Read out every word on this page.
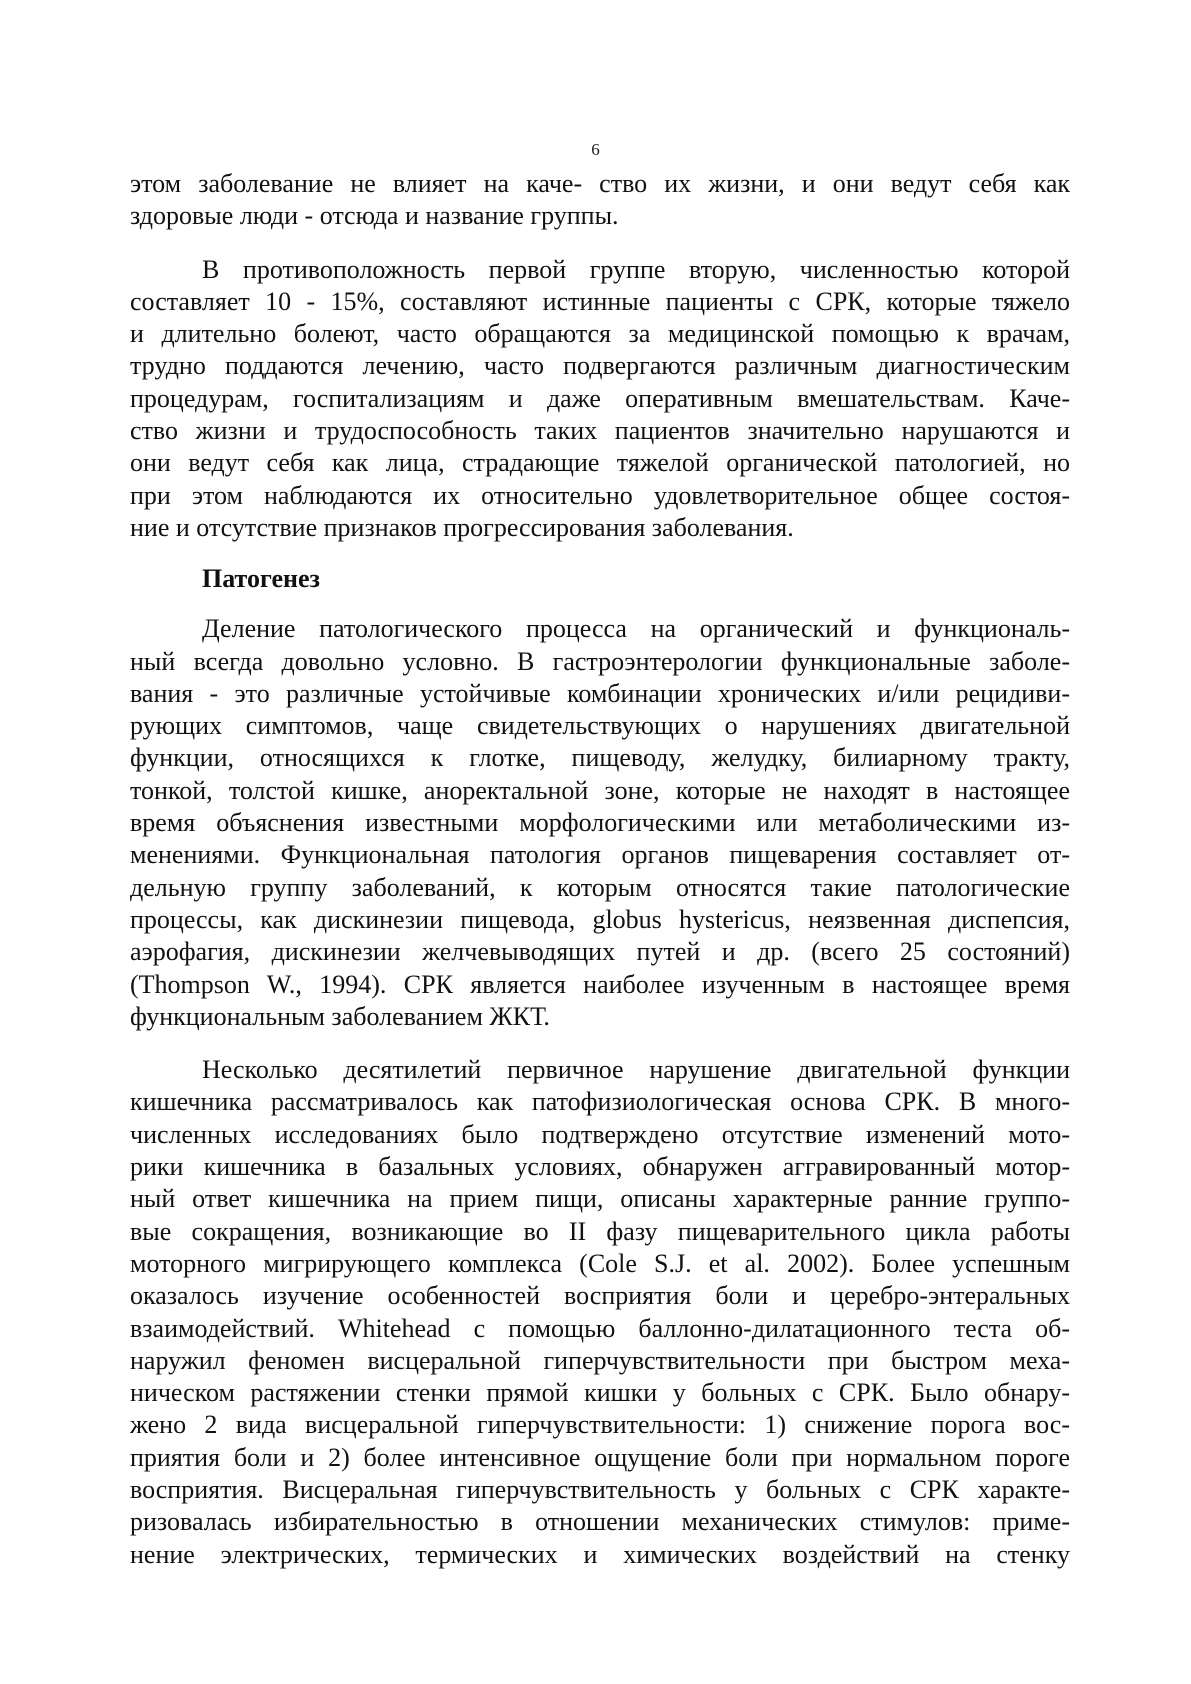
6
этом заболевание не влияет на каче- ство их жизни, и они ведут себя как
здоровые люди - отсюда и название группы.
В противоположность первой группе вторую, численностью которой
составляет 10 - 15%, составляют истинные пациенты с СРК, которые тяжело
и длительно болеют, часто обращаются за медицинской помощью к врачам,
трудно поддаются лечению, часто подвергаются различным диагностическим
процедурам, госпитализациям и даже оперативным вмешательствам. Каче-
ство жизни и трудоспособность таких пациентов значительно нарушаются и
они ведут себя как лица, страдающие тяжелой органической патологией, но
при этом наблюдаются их относительно удовлетворительное общее состоя-
ние и отсутствие признаков прогрессирования заболевания.
Патогенез
Деление патологического процесса на органический и функциональ-
ный всегда довольно условно. В гастроэнтерологии функциональные заболе-
вания - это различные устойчивые комбинации хронических и/или рецидиви-
рующих симптомов, чаще свидетельствующих о нарушениях двигательной
функции, относящихся к глотке, пищеводу, желудку, билиарному тракту,
тонкой, толстой кишке, аноректальной зоне, которые не находят в настоящее
время объяснения известными морфологическими или метаболическими из-
менениями. Функциональная патология органов пищеварения составляет от-
дельную группу заболеваний, к которым относятся такие патологические
процессы, как дискинезии пищевода, globus hystericus, неязвенная диспепсия,
аэрофагия, дискинезии желчевыводящих путей и др. (всего 25 состояний)
(Thompson W., 1994). СРК является наиболее изученным в настоящее время
функциональным заболеванием ЖКТ.
Несколько десятилетий первичное нарушение двигательной функции
кишечника рассматривалось как патофизиологическая основа СРК. В много-
численных исследованиях было подтверждено отсутствие изменений мото-
рики кишечника в базальных условиях, обнаружен аггравированный мотор-
ный ответ кишечника на прием пищи, описаны характерные ранние группо-
вые сокращения, возникающие во II фазу пищеварительного цикла работы
моторного мигрирующего комплекса (Cole S.J. et al. 2002). Более успешным
оказалось изучение особенностей восприятия боли и церебро-энтеральных
взаимодействий. Whitehead с помощью баллонно-дилатационного теста об-
наружил феномен висцеральной гиперчувствительности при быстром меха-
ническом растяжении стенки прямой кишки у больных с СРК. Было обнару-
жено 2 вида висцеральной гиперчувствительности: 1) снижение порога вос-
приятия боли и 2) более интенсивное ощущение боли при нормальном пороге
восприятия. Висцеральная гиперчувствительность у больных с СРК характе-
ризовалась избирательностью в отношении механических стимулов: приме-
нение электрических, термических и химических воздействий на стенку
